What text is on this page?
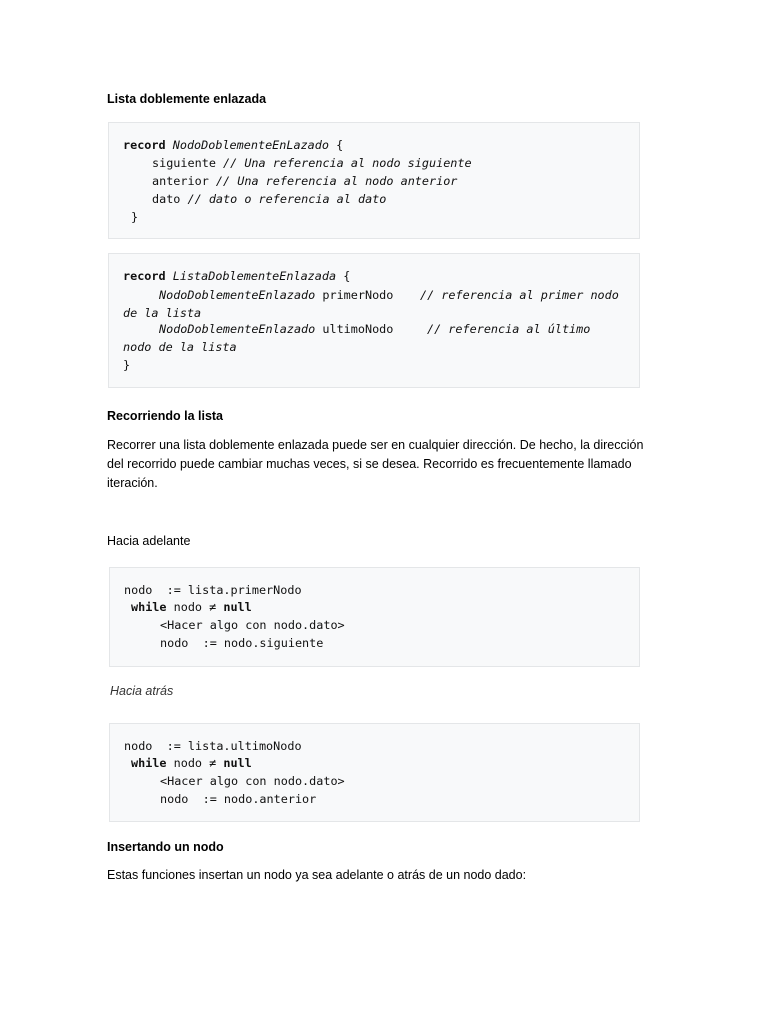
Lista doblemente enlazada

record NodoDoblementeEnLazado {
siguiente // Una referencia al nodo siguiente
anterior // Una referencia al nodo anterior
dato // dato o referencia al dato
}
record ListaDoblementeEnlazada {
NodoDoblementeEnlazado primerNodo // referencia al primer nodo
de la lista
NodoDoblementeEnlazado ultimoNodo	// referencia al último
nodo de la lista
}

Recorriendo la lista

Recorrer una lista doblemente enlazada puede ser en cualquier dirección. De hecho, la dirección del recorrido puede cambiar muchas veces, si se desea. Recorrido es frecuentemente llamado iteración.

Hacia adelante

nodo  := lista.primerNodo
while nodo ≠ null
<Hacer algo con nodo.dato>
nodo  := nodo.siguiente

Hacia atrás

nodo  := lista.ultimoNodo
while nodo ≠ null
<Hacer algo con nodo.dato>
nodo  := nodo.anterior

Insertando un nodo

Estas funciones insertan un nodo ya sea adelante o atrás de un nodo dado:
